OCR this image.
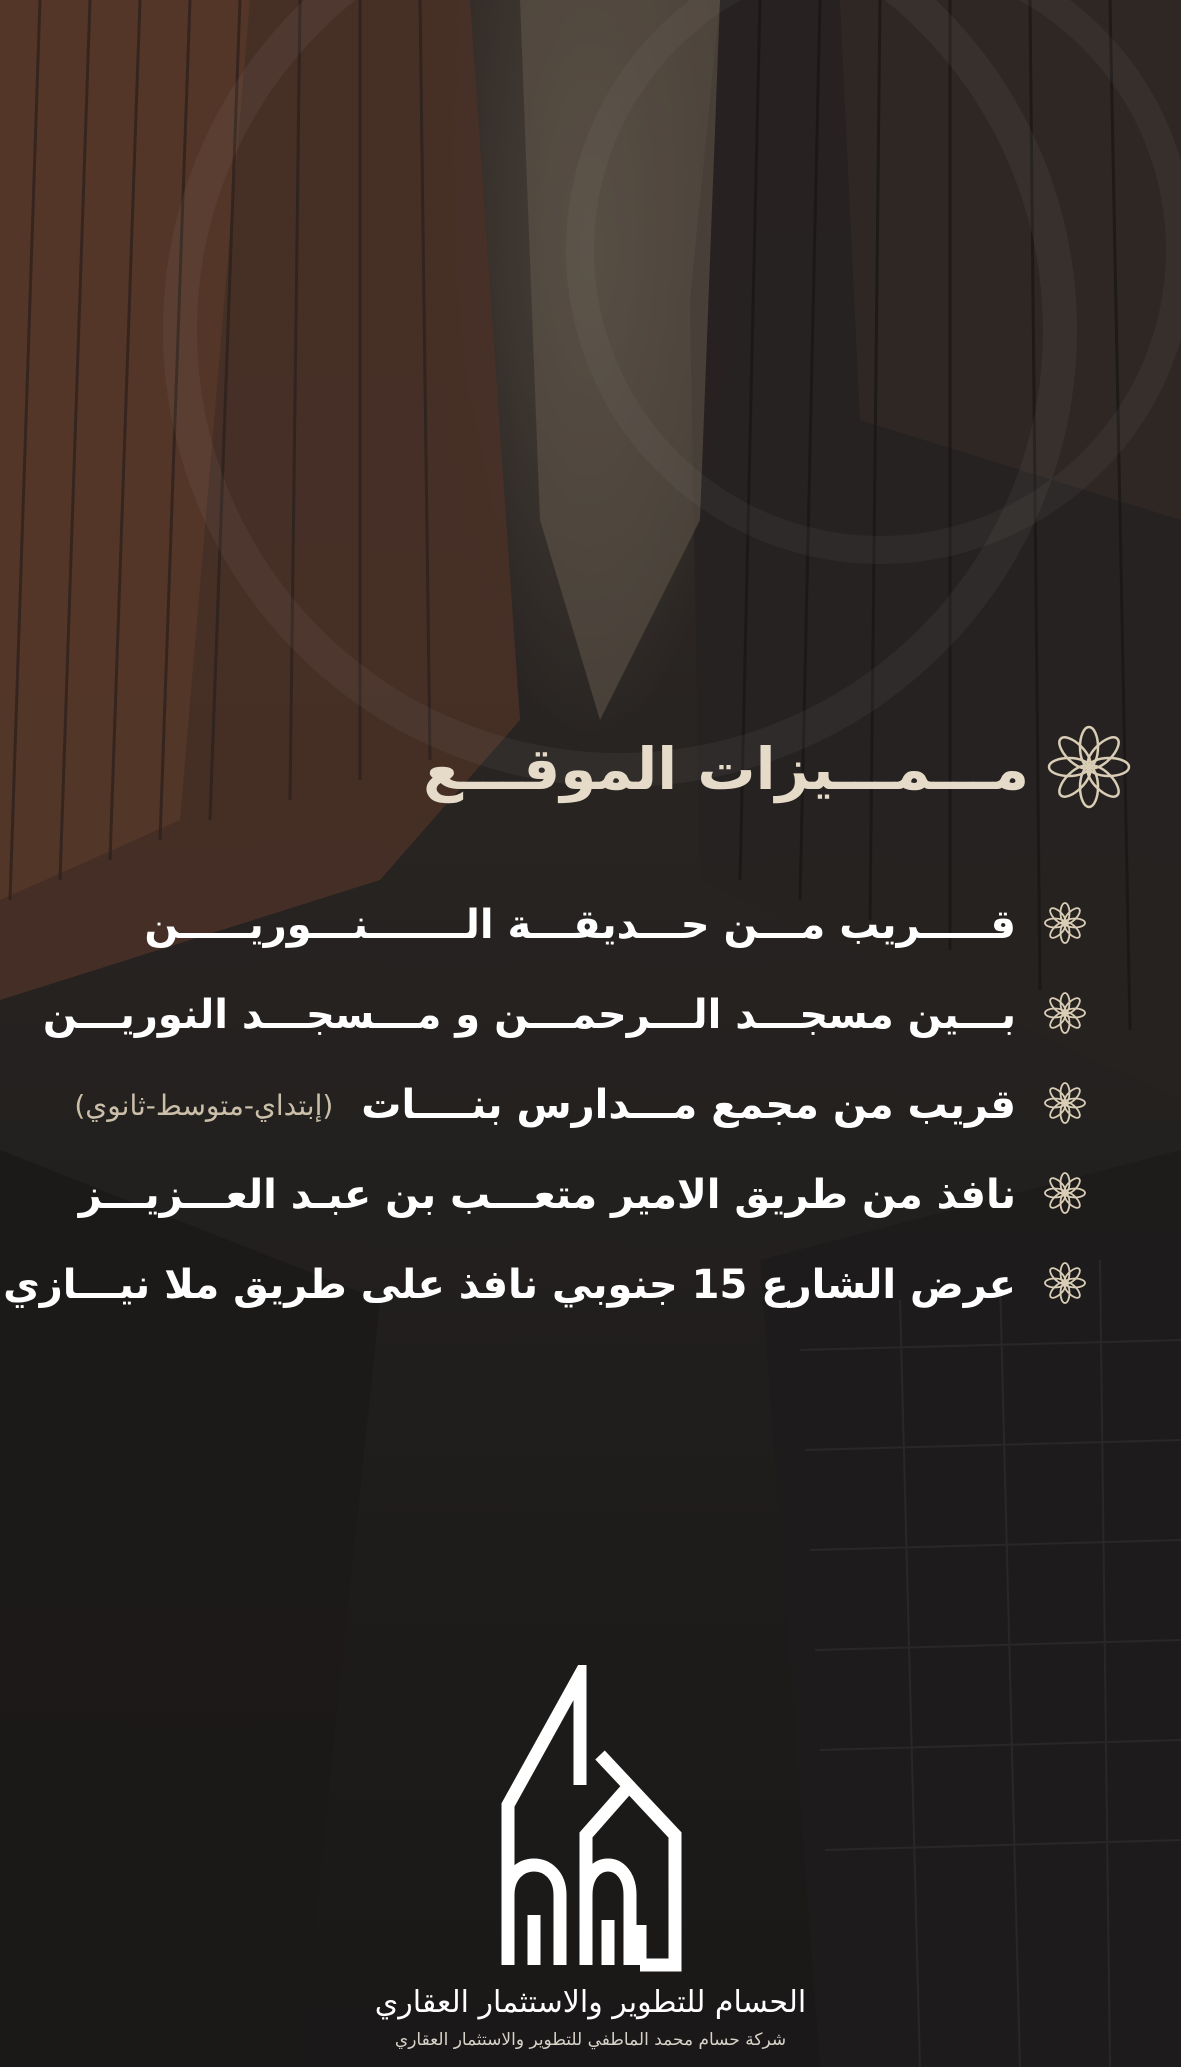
مـــمـــيزات الموقـــع
قـــــريب مـــن حـــديقـــة الـــــــنـــوريـــــن
بـــين مسجـــد الـــرحمـــن و مـــسجـــد النوريـــن
قريب من مجمع مـــدارس بنــــات
(إبتداي-متوسط-ثانوي)
نافذ من طريق الامير متعـــب بن عبـد العـــزيـــز
عرض الشارع 15 جنوبي نافذ على طريق ملا نيـــازي
الحسام للتطوير والاستثمار العقاري
شركة حسام محمد الماطفي للتطوير والاستثمار العقاري
